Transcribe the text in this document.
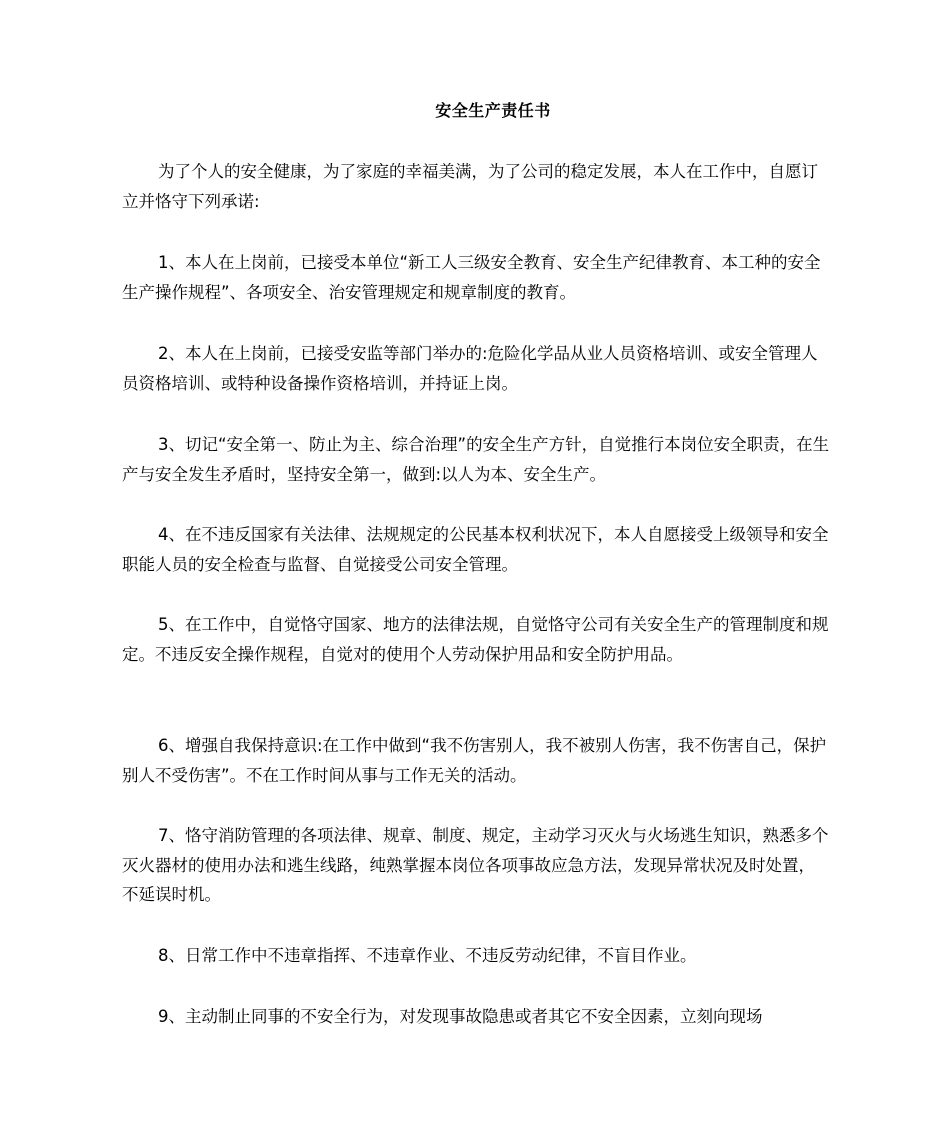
安全生产责任书

为了个人的安全健康，为了家庭的幸福美满，为了公司的稳定发展，本人在工作中，自愿订立并恪守下列承诺:

1、本人在上岗前，已接受本单位“新工人三级安全教育、安全生产纪律教育、本工种的安全生产操作规程”、各项安全、治安管理规定和规章制度的教育。

2、本人在上岗前，已接受安监等部门举办的:危险化学品从业人员资格培训、或安全管理人员资格培训、或特种设备操作资格培训，并持证上岗。

3、切记“安全第一、防止为主、综合治理”的安全生产方针，自觉推行本岗位安全职责，在生产与安全发生矛盾时，坚持安全第一，做到:以人为本、安全生产。

4、在不违反国家有关法律、法规规定的公民基本权利状况下，本人自愿接受上级领导和安全职能人员的安全检查与监督、自觉接受公司安全管理。

5、在工作中，自觉恪守国家、地方的法律法规，自觉恪守公司有关安全生产的管理制度和规定。不违反安全操作规程，自觉对的使用个人劳动保护用品和安全防护用品。

6、增强自我保持意识:在工作中做到“我不伤害别人，我不被别人伤害，我不伤害自己，保护别人不受伤害”。不在工作时间从事与工作无关的活动。

7、恪守消防管理的各项法律、规章、制度、规定，主动学习灭火与火场逃生知识，熟悉多个灭火器材的使用办法和逃生线路，纯熟掌握本岗位各项事故应急方法，发现异常状况及时处置，不延误时机。

8、日常工作中不违章指挥、不违章作业、不违反劳动纪律，不盲目作业。

9、主动制止同事的不安全行为，对发现事故隐患或者其它不安全因素，立刻向现场
